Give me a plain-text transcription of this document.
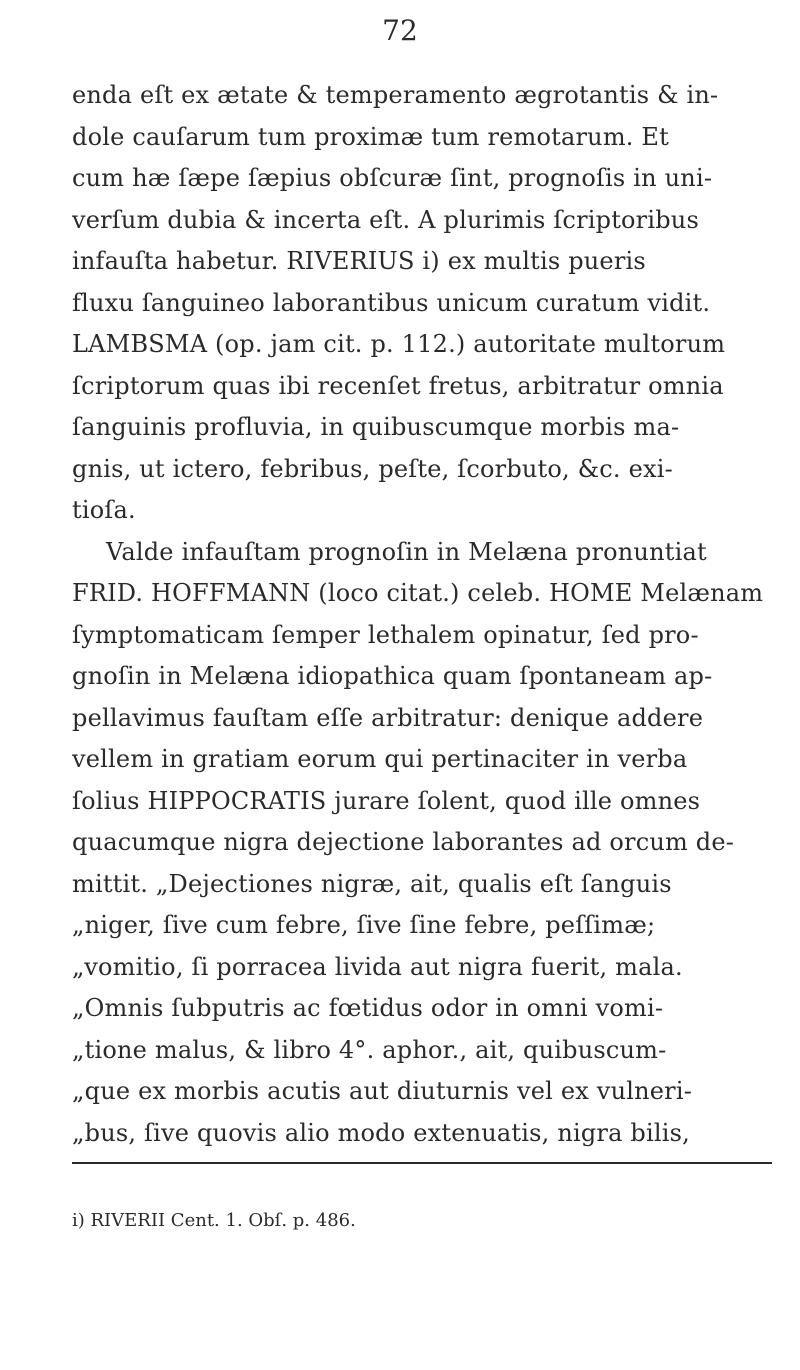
72
enda eſt ex ætate & temperamento ægrotantis & in-
dole cauſarum tum proximæ tum remotarum. Et
cum hæ ſæpe ſæpius obſcuræ ſint, prognoſis in uni-
verſum dubia & incerta eſt. A plurimis ſcriptoribus
infauſta habetur. RIVERIUS i) ex multis pueris
fluxu ſanguineo laborantibus unicum curatum vidit.
LAMBSMA (op. jam cit. p. 112.) autoritate multorum
ſcriptorum quas ibi recenſet fretus, arbitratur omnia
ſanguinis profluvia, in quibuscumque morbis ma-
gnis, ut ictero, febribus, peſte, ſcorbuto, &c. exi-
tioſa.
Valde infauſtam prognoſin in Melæna pronuntiat
FRID. HOFFMANN (loco citat.) celeb. HOME Melænam
ſymptomaticam ſemper lethalem opinatur, ſed pro-
gnoſin in Melæna idiopathica quam ſpontaneam ap-
pellavimus fauſtam eſſe arbitratur: denique addere
vellem in gratiam eorum qui pertinaciter in verba
ſolius HIPPOCRATIS jurare ſolent, quod ille omnes
quacumque nigra dejectione laborantes ad orcum de-
mittit. „Dejectiones nigræ, ait, qualis eſt ſanguis
„niger, ſive cum febre, ſive ſine febre, peſſimæ;
„vomitio, ſi porracea livida aut nigra fuerit, mala.
„Omnis ſubputris ac fœtidus odor in omni vomi-
„tione malus, & libro 4°. aphor., ait, quibuscum-
„que ex morbis acutis aut diuturnis vel ex vulneri-
„bus, ſive quovis alio modo extenuatis, nigra bilis,
i) RIVERII Cent. 1. Obſ. p. 486.
